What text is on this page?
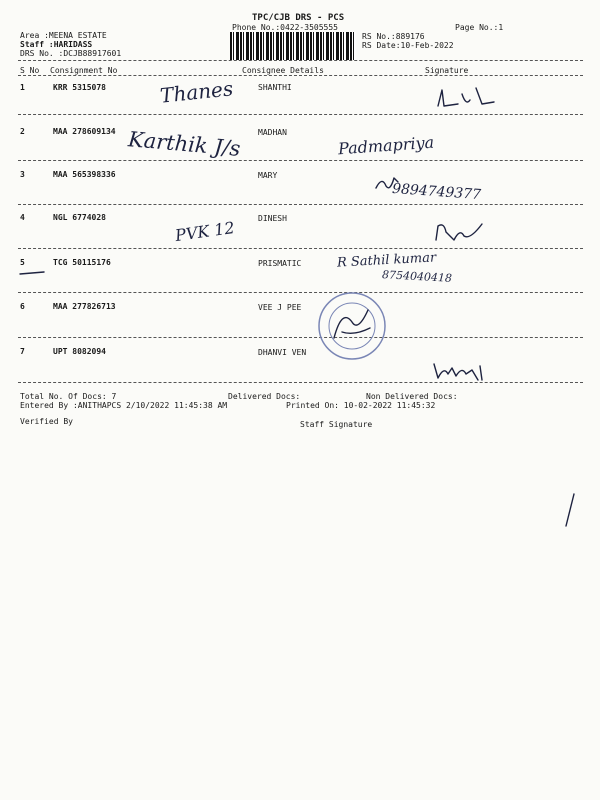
TPC/CJB DRS - PCS
Phone No.:0422-3505555	Page No.:1
Area :MEENA ESTATE
Staff :HARIDASS
DRS No. :DCJB88917601
RS No.:889176
RS Date:10-Feb-2022
S No Consignment No	Consignee Details	Signature
1	KRR 5315078	SHANTHI
2	MAA 278609134	MADHAN
3	MAA 565398336	MARY
4	NGL 6774028	DINESH
5	TCG 50115176	PRISMATIC
6	MAA 277826713	VEE J PEE
7	UPT 8082094	DHANVI VEN
Thanes
Karthik J/s	Padmapriya
9894749377
PVK 12
R Sathil kumar
8754040418
Total No. Of Docs: 7	Delivered Docs:	Non Delivered Docs:
Entered By :ANITHAPCS 2/10/2022 11:45:38 AM	Printed On: 10-02-2022 11:45:32
Verified By	Staff Signature
